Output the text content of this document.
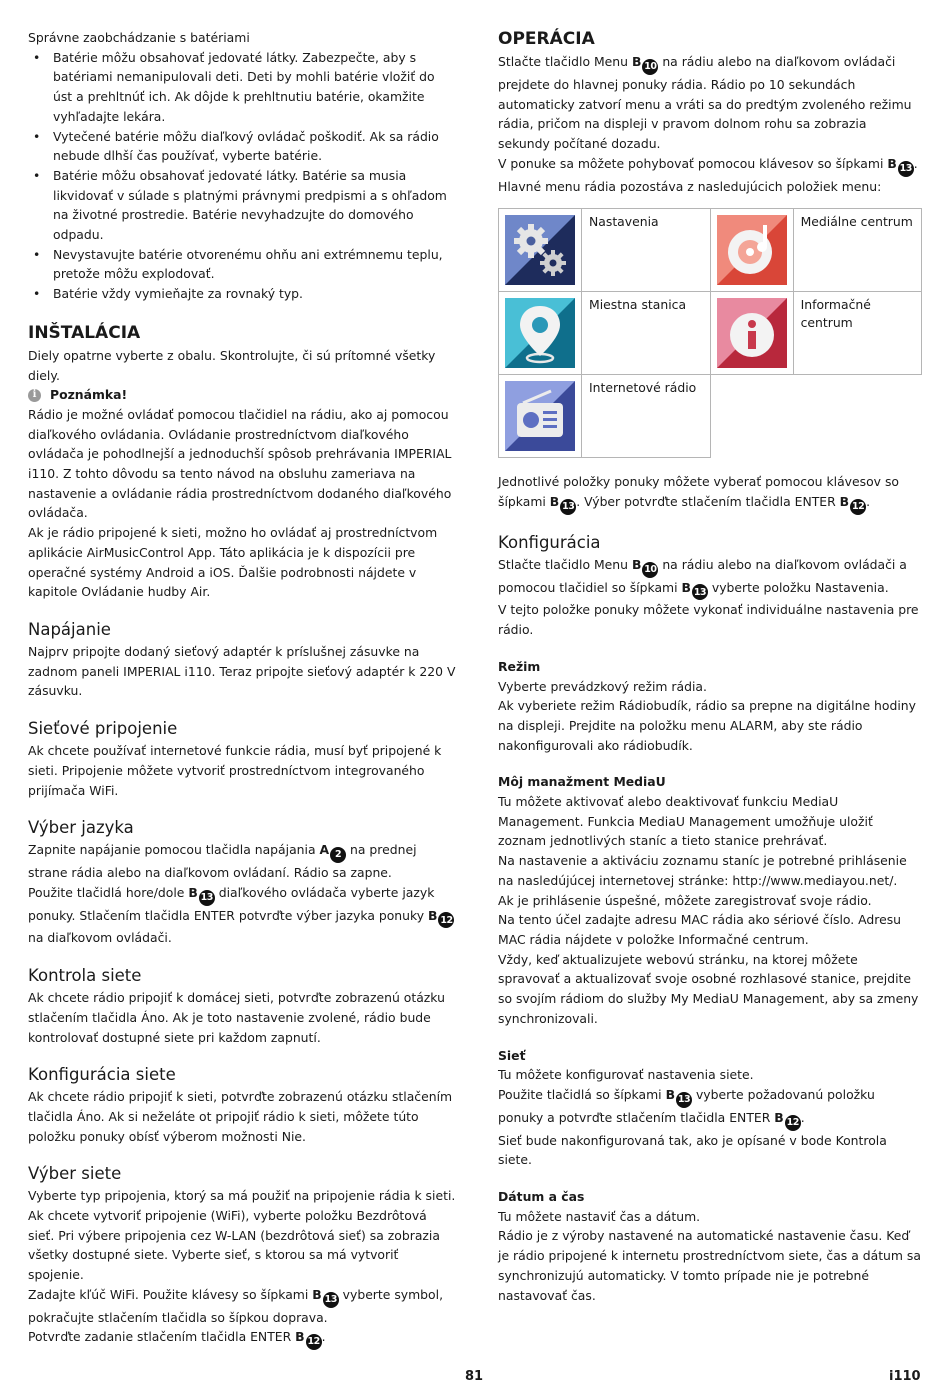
Správne zaobchádzanie s batériami

• Batérie môžu obsahovať jedovaté látky. Zabezpečte, aby s batériami nemanipulovali deti. Deti by mohli batérie vložiť do úst a prehltnúť ich. Ak dôjde k prehltnutiu batérie, okamžite vyhľadajte lekára.
• Vytečené batérie môžu diaľkový ovládač poškodiť. Ak sa rádio nebude dlhší čas používať, vyberte batérie.
• Batérie môžu obsahovať jedovaté látky. Batérie sa musia likvidovať v súlade s platnými právnymi predpismi a s ohľadom na životné prostredie. Batérie nevyhadzujte do domového odpadu.
• Nevystavujte batérie otvorenému ohňu ani extrémnemu teplu, pretože môžu explodovať.
• Batérie vždy vymieňajte za rovnaký typ.
INŠTALÁCIA

Diely opatrne vyberte z obalu. Skontrolujte, či sú prítomné všetky diely.

i	Poznámka!

Rádio je možné ovládať pomocou tlačidiel na rádiu, ako aj pomocou diaľkového ovládania. Ovládanie prostredníctvom diaľkového ovládača je pohodlnejší a jednoduchší spôsob prehrávania IMPERIAL i110. Z tohto dôvodu sa tento návod na obsluhu zameriava na nastavenie a ovládanie rádia prostredníctvom dodaného diaľkového ovládača.

Ak je rádio pripojené k sieti, možno ho ovládať aj prostredníctvom aplikácie AirMusicControl App. Táto aplikácia je k dispozícii pre operačné systémy Android a iOS. Ďalšie podrobnosti nájdete v kapitole Ovládanie hudby Air.

Napájanie

Najprv pripojte dodaný sieťový adaptér k príslušnej zásuvke na zadnom paneli IMPERIAL i110. Teraz pripojte sieťový adaptér k 220 V zásuvku.

Sieťové pripojenie

Ak chcete používať internetové funkcie rádia, musí byť pripojené k sieti. Pripojenie môžete vytvoriť prostredníctvom integrovaného prijímača WiFi.

Výber jazyka

Zapnite napájanie pomocou tlačidla napájania A 2 na prednej strane rádia alebo na diaľkovom ovládaní. Rádio sa zapne.

Použite tlačidlá hore/dole B 13 diaľkového ovládača vyberte jazyk ponuky. Stlačením tlačidla ENTER potvrďte výber jazyka ponuky B 12 na diaľkovom ovládači.

Kontrola siete

Ak chcete rádio pripojiť k domácej sieti, potvrďte zobrazenú otázku stlačením tlačidla Áno. Ak je toto nastavenie zvolené, rádio bude kontrolovať dostupné siete pri každom zapnutí.

Konfigurácia siete

Ak chcete rádio pripojiť k sieti, potvrďte zobrazenú otázku stlačením tlačidla Áno. Ak si neželáte ot pripojiť rádio k sieti, môžete túto položku ponuky obísť výberom možnosti Nie.

Výber siete

Vyberte typ pripojenia, ktorý sa má použiť na pripojenie rádia k sieti.

Ak chcete vytvoriť pripojenie (WiFi), vyberte položku Bezdrôtová sieť. Pri výbere pripojenia cez W-LAN (bezdrôtová sieť) sa zobrazia všetky dostupné siete. Vyberte sieť, s ktorou sa má vytvoriť spojenie.

Zadajte kľúč WiFi. Použite klávesy so šípkami B 13 vyberte symbol, pokračujte stlačením tlačidla so šípkou doprava.

Potvrďte zadanie stlačením tlačidla ENTER B 12 .

OPERÁCIA

Stlačte tlačidlo Menu B 10 na rádiu alebo na diaľkovom ovládači prejdete do hlavnej ponuky rádia. Rádio po 10 sekundách automaticky zatvorí menu a vráti sa do predtým zvoleného režimu rádia, pričom na displeji v pravom dolnom rohu sa zobrazia sekundy počítané dozadu.

V ponuke sa môžete pohybovať pomocou klávesov so šípkami B 13 .

Hlavné menu rádia pozostáva z nasledujúcich položiek menu:

	Nastavenia		Mediálne centrum

	Miestna stanica		Informačné centrum

	Internetové rádio		

Jednotlivé položky ponuky môžete vyberať pomocou klávesov so šípkami B 13 . Výber potvrďte stlačením tlačidla ENTER B 12 .

Konfigurácia

Stlačte tlačidlo Menu B 10 na rádiu alebo na diaľkovom ovládači a pomocou tlačidiel so šípkami B 13 vyberte položku Nastavenia.

V tejto položke ponuky môžete vykonať individuálne nastavenia pre rádio.

Režim

Vyberte prevádzkový režim rádia.

Ak vyberiete režim Rádiobudík, rádio sa prepne na digitálne hodiny na displeji. Prejdite na položku menu ALARM, aby ste rádio nakonfigurovali ako rádiobudík.

Môj manažment MediaU

Tu môžete aktivovať alebo deaktivovať funkciu MediaU Management. Funkcia MediaU Management umožňuje uložiť zoznam jednotlivých staníc a tieto stanice prehrávať.

Na nastavenie a aktiváciu zoznamu staníc je potrebné prihlásenie na nasledújúcej internetovej stránke: http://www.mediayou.net/.

Ak je prihlásenie úspešné, môžete zaregistrovať svoje rádio.

Na tento účel zadajte adresu MAC rádia ako sériové číslo. Adresu MAC rádia nájdete v položke Informačné centrum.

Vždy, keď aktualizujete webovú stránku, na ktorej môžete spravovať a aktualizovať svoje osobné rozhlasové stanice, prejdite so svojím rádiom do služby My MediaU Management, aby sa zmeny synchronizovali.

Sieť

Tu môžete konfigurovať nastavenia siete.

Použite tlačidlá so šípkami B 13 vyberte požadovanú položku ponuky a potvrďte stlačením tlačidla ENTER B 12 .

Sieť bude nakonfigurovaná tak, ako je opísané v bode Kontrola siete.

Dátum a čas

Tu môžete nastaviť čas a dátum.

Rádio je z výroby nastavené na automatické nastavenie času. Keď je rádio pripojené k internetu prostredníctvom siete, čas a dátum sa synchronizujú automaticky. V tomto prípade nie je potrebné nastavovať čas.

81	i110
